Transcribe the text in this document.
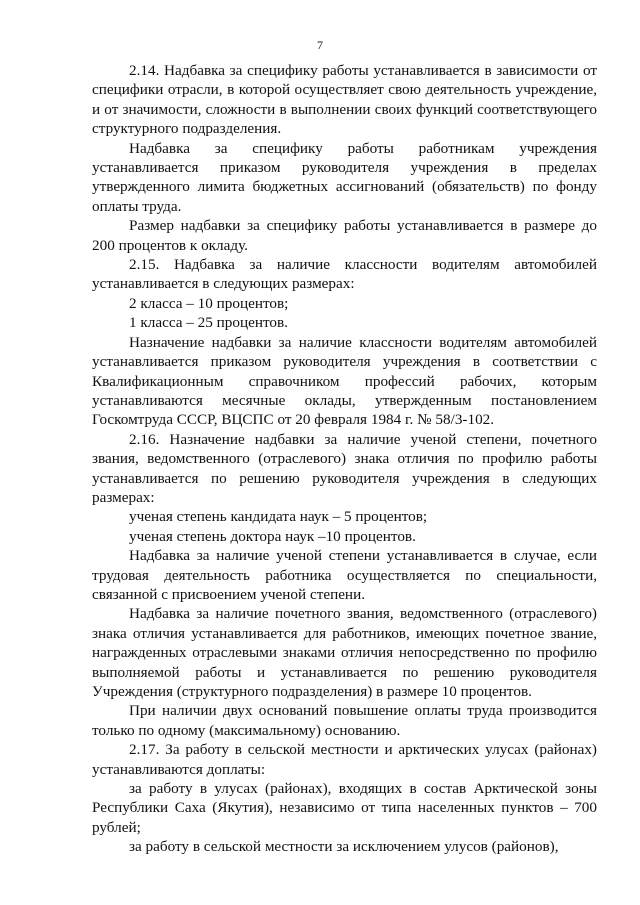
7

2.14. Надбавка за специфику работы устанавливается в зависимости от специфики отрасли, в которой осуществляет свою деятельность учреждение, и от значимости, сложности в выполнении своих функций соответствующего структурного подразделения.

Надбавка за специфику работы работникам учреждения устанавливается приказом руководителя учреждения в пределах утвержденного лимита бюджетных ассигнований (обязательств) по фонду оплаты труда.

Размер надбавки за специфику работы устанавливается в размере до 200 процентов к окладу.

2.15. Надбавка за наличие классности водителям автомобилей устанавливается в следующих размерах:

2 класса – 10 процентов;

1 класса – 25 процентов.

Назначение надбавки за наличие классности водителям автомобилей устанавливается приказом руководителя учреждения в соответствии с Квалификационным справочником профессий рабочих, которым устанавливаются месячные оклады, утвержденным постановлением Госкомтруда СССР, ВЦСПС от 20 февраля 1984 г. № 58/3-102.

2.16. Назначение надбавки за наличие ученой степени, почетного звания, ведомственного (отраслевого) знака отличия по профилю работы устанавливается по решению руководителя учреждения в следующих размерах:

ученая степень кандидата наук – 5 процентов;

ученая степень доктора наук –10 процентов.

Надбавка за наличие ученой степени устанавливается в случае, если трудовая деятельность работника осуществляется по специальности, связанной с присвоением ученой степени.

Надбавка за наличие почетного звания, ведомственного (отраслевого) знака отличия устанавливается для работников, имеющих почетное звание, награжденных отраслевыми знаками отличия непосредственно по профилю выполняемой работы и устанавливается по решению руководителя Учреждения (структурного подразделения) в размере 10 процентов.

При наличии двух оснований повышение оплаты труда производится только по одному (максимальному) основанию.

2.17. За работу в сельской местности и арктических улусах (районах) устанавливаются доплаты:

за работу в улусах (районах), входящих в состав Арктической зоны Республики Саха (Якутия), независимо от типа населенных пунктов – 700 рублей;

за работу в сельской местности за исключением улусов (районов),
